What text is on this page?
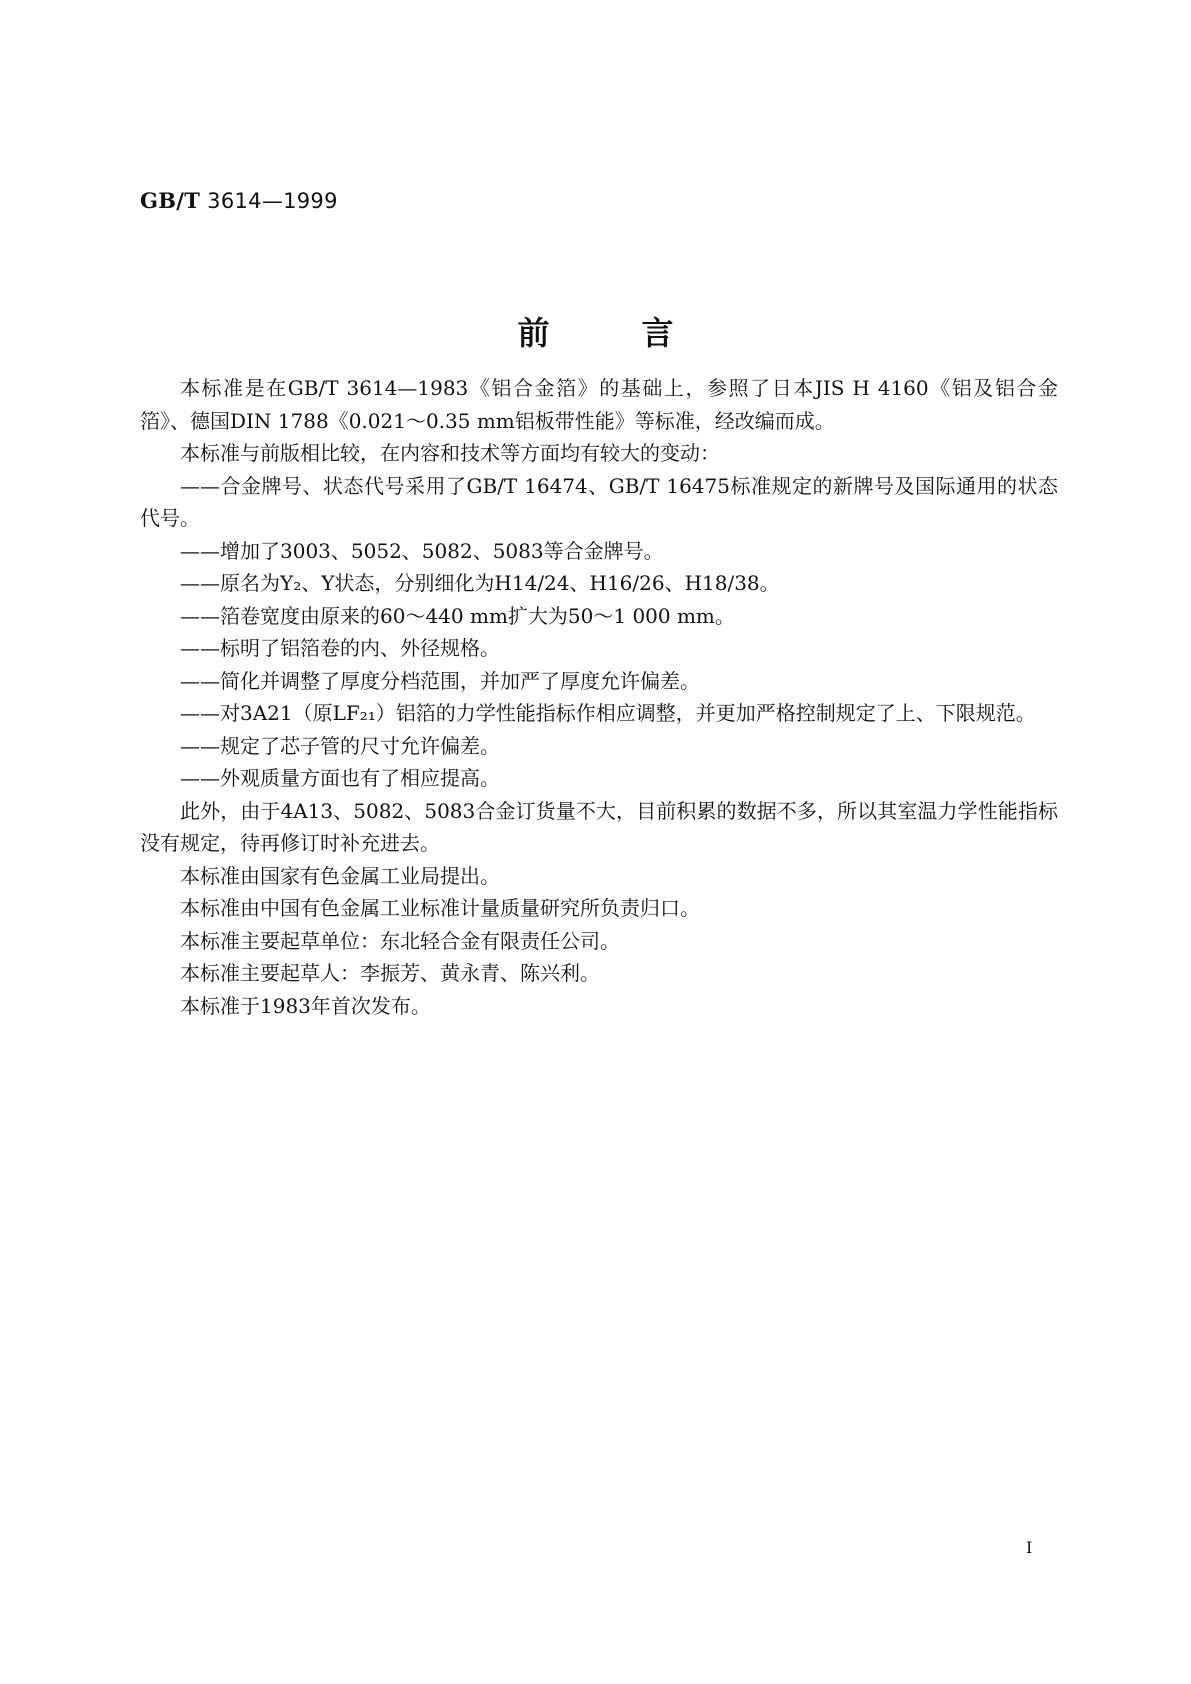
GB/T 3614—1999
前言

本标准是在GB/T 3614—1983《铝合金箔》的基础上，参照了日本JIS H 4160《铝及铝合金箔》、德国DIN 1788《0.021～0.35 mm铝板带性能》等标准，经改编而成。

本标准与前版相比较，在内容和技术等方面均有较大的变动：

——合金牌号、状态代号采用了GB/T 16474、GB/T 16475标准规定的新牌号及国际通用的状态代号。

——增加了3003、5052、5082、5083等合金牌号。

——原名为Y₂、Y状态，分别细化为H14/24、H16/26、H18/38。

——箔卷宽度由原来的60～440 mm扩大为50～1 000 mm。

——标明了铝箔卷的内、外径规格。

——简化并调整了厚度分档范围，并加严了厚度允许偏差。

——对3A21（原LF₂₁）铝箔的力学性能指标作相应调整，并更加严格控制规定了上、下限规范。

——规定了芯子管的尺寸允许偏差。

——外观质量方面也有了相应提高。

此外，由于4A13、5082、5083合金订货量不大，目前积累的数据不多，所以其室温力学性能指标没有规定，待再修订时补充进去。

本标准由国家有色金属工业局提出。

本标准由中国有色金属工业标准计量质量研究所负责归口。

本标准主要起草单位：东北轻合金有限责任公司。

本标准主要起草人：李振芳、黄永青、陈兴利。

本标准于1983年首次发布。

I
